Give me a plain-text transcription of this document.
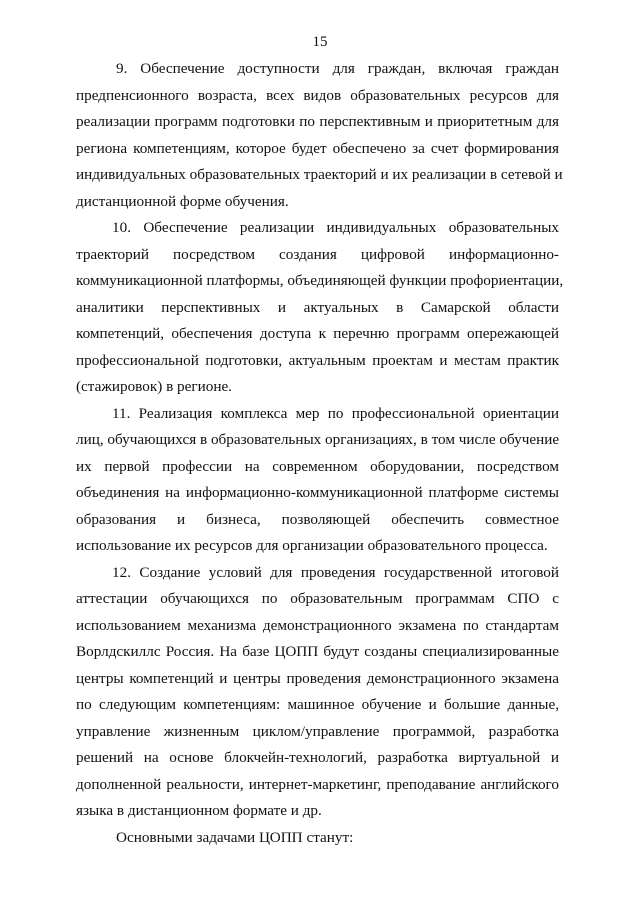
15
9. Обеспечение доступности для граждан, включая граждан
предпенсионного возраста, всех видов образовательных ресурсов для
реализации программ подготовки по перспективным и приоритетным для
региона компетенциям, которое будет обеспечено за счет формирования
индивидуальных образовательных траекторий и их реализации в сетевой и
дистанционной форме обучения.
10. Обеспечение реализации индивидуальных образовательных
траекторий посредством создания цифровой информационно-
коммуникационной платформы, объединяющей функции профориентации,
аналитики перспективных и актуальных в Самарской области
компетенций, обеспечения доступа к перечню программ опережающей
профессиональной подготовки, актуальным проектам и местам практик
(стажировок) в регионе.
11. Реализация комплекса мер по профессиональной ориентации
лиц, обучающихся в образовательных организациях, в том числе обучение
их первой профессии на современном оборудовании, посредством
объединения на информационно-коммуникационной платформе системы
образования и бизнеса, позволяющей обеспечить совместное
использование их ресурсов для организации образовательного процесса.
12. Создание условий для проведения государственной итоговой
аттестации обучающихся по образовательным программам СПО с
использованием механизма демонстрационного экзамена по стандартам
Ворлдскиллс Россия. На базе ЦОПП будут созданы специализированные
центры компетенций и центры проведения демонстрационного экзамена
по следующим компетенциям: машинное обучение и большие данные,
управление жизненным циклом/управление программой, разработка
решений на основе блокчейн-технологий, разработка виртуальной и
дополненной реальности, интернет-маркетинг, преподавание английского
языка в дистанционном формате и др.
Основными задачами ЦОПП станут:
